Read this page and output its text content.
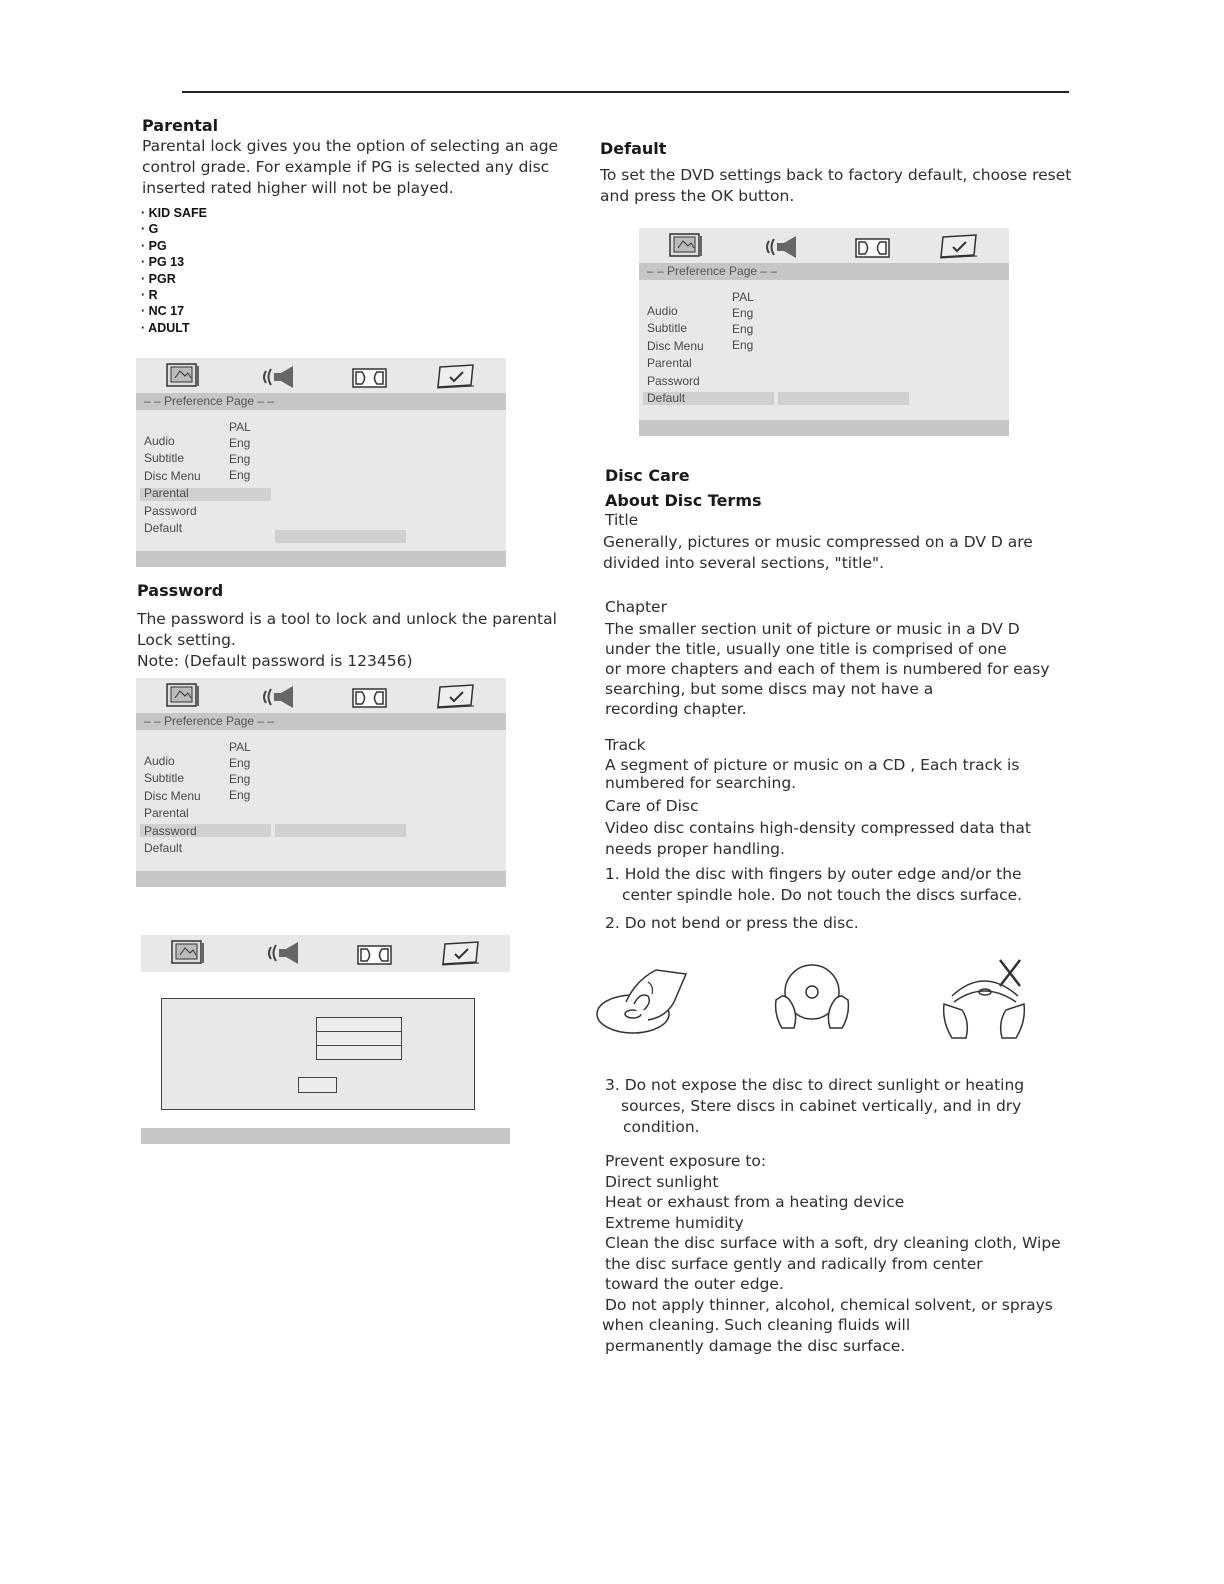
Parental
Parental lock gives you the option of selecting an age
control grade. For example if PG is selected any disc
inserted rated higher will not be played.
· KID SAFE
· G
· PG
· PG 13
· PGR
· R
· NC 17
· ADULT
– – Preference Page – –
PAL
Audio	Eng
Subtitle	Eng
Disc Menu Eng
Parental
Password
Default
Password
The password is a tool to lock and unlock the parental
Lock setting.
Note: (Default password is 123456)
– – Preference Page – –
PAL
Audio	Eng
Subtitle	Eng
Disc Menu Eng
Parental
Password
Default
Default
To set the DVD settings back to factory default, choose reset
and press the OK button.
– – Preference Page – –
PAL
Audio	Eng
Subtitle	Eng
Disc Menu Eng
Parental
Password
Default
Disc Care
About Disc Terms
Title
Generally, pictures or music compressed on a DV D are
divided into several sections, "title".
Chapter
The smaller section unit of picture or music in a DV D
under the title, usually one title is comprised of one
or more chapters and each of them is numbered for easy
searching, but some discs may not have a
recording chapter.
Track
A segment of picture or music on a CD , Each track is
numbered for searching.
Care of Disc
Video disc contains high-density compressed data that
needs proper handling.
1. Hold the disc with fingers by outer edge and/or the
center spindle hole. Do not touch the discs surface.
2. Do not bend or press the disc.
3. Do not expose the disc to direct sunlight or heating
sources, Stere discs in cabinet vertically, and in dry
condition.
Prevent exposure to:
Direct sunlight
Heat or exhaust from a heating device
Extreme humidity
Clean the disc surface with a soft, dry cleaning cloth, Wipe
the disc surface gently and radically from center
toward the outer edge.
Do not apply thinner, alcohol, chemical solvent, or sprays
when cleaning. Such cleaning fluids will
permanently damage the disc surface.
